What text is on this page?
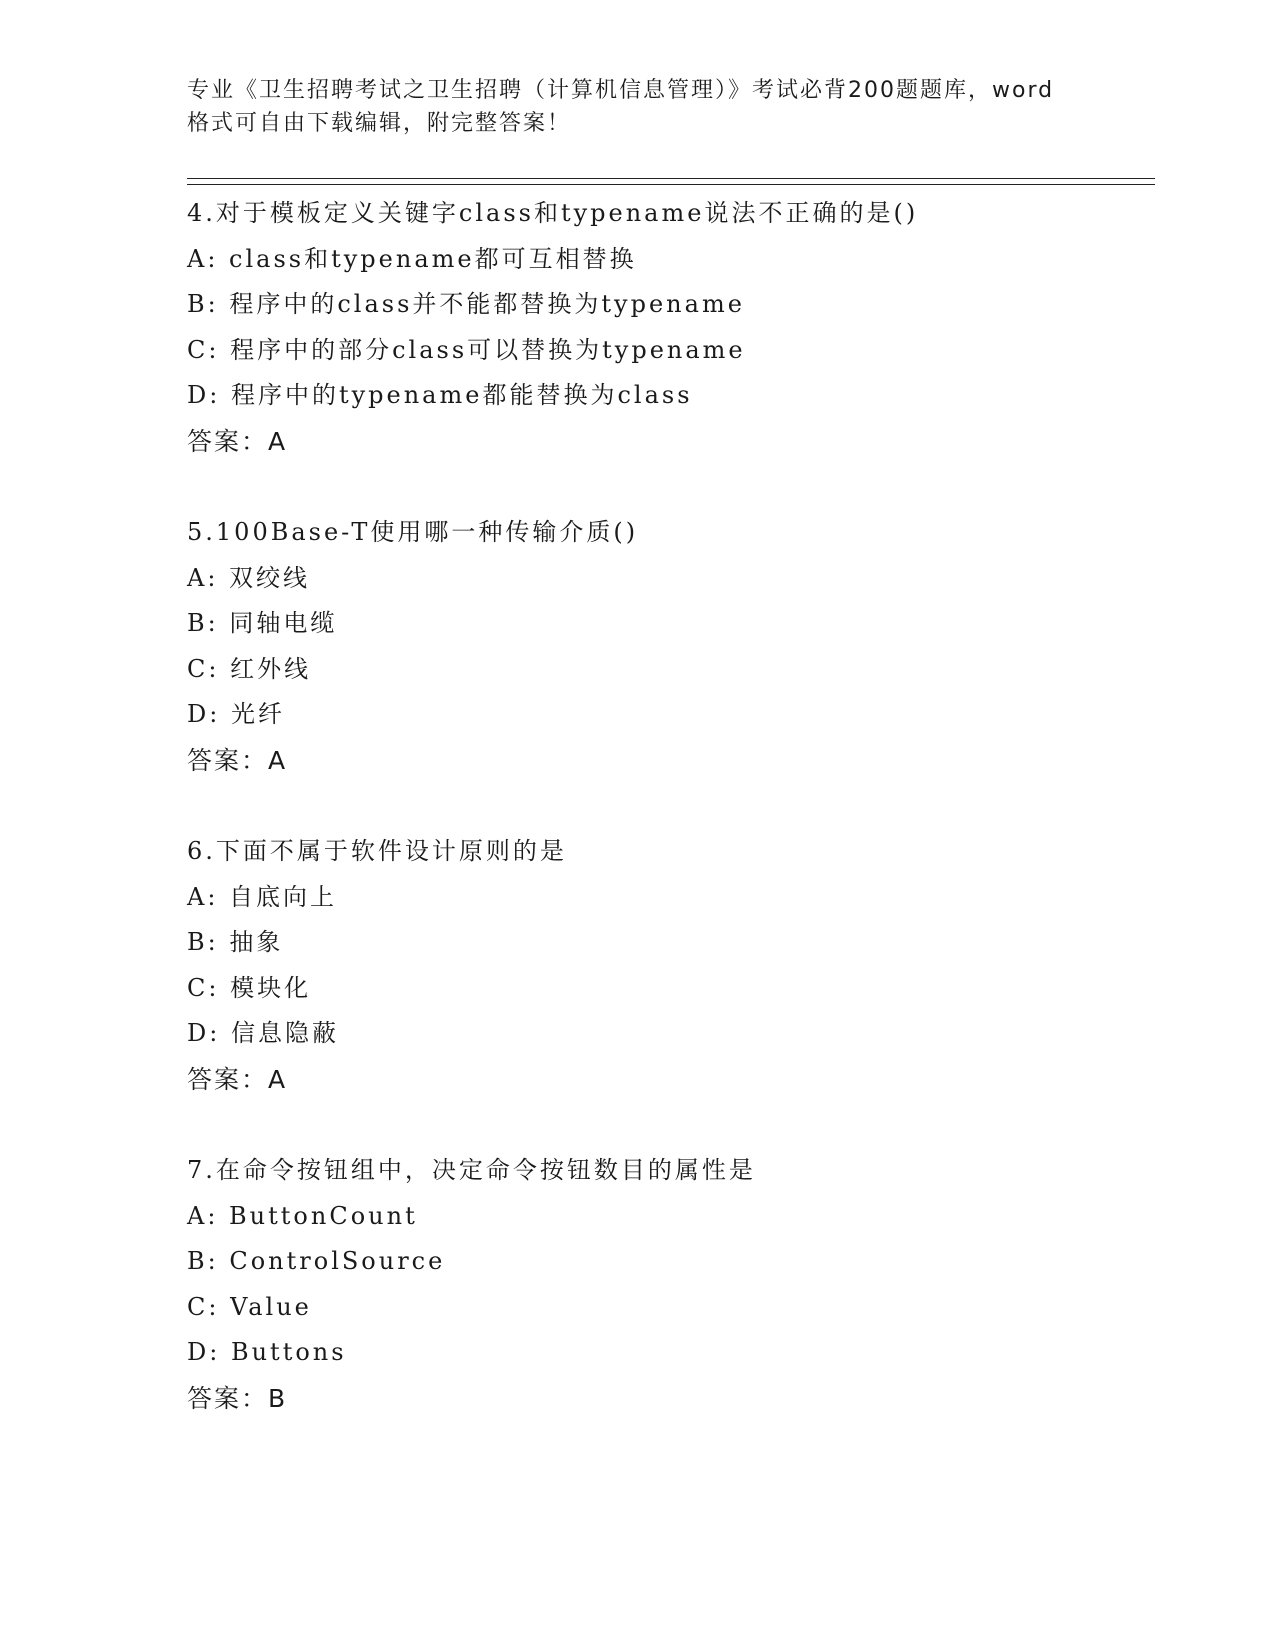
专业《卫生招聘考试之卫生招聘（计算机信息管理）》考试必背200题题库，word
格式可自由下载编辑，附完整答案！
4.对于模板定义关键字class和typename说法不正确的是()
A: class和typename都可互相替换
B: 程序中的class并不能都替换为typename
C: 程序中的部分class可以替换为typename
D: 程序中的typename都能替换为class
答案：A
5.100Base-T使用哪一种传输介质()
A: 双绞线
B: 同轴电缆
C: 红外线
D: 光纤
答案：A
6.下面不属于软件设计原则的是
A: 自底向上
B: 抽象
C: 模块化
D: 信息隐蔽
答案：A
7.在命令按钮组中，决定命令按钮数目的属性是
A: ButtonCount
B: ControlSource
C: Value
D: Buttons
答案：B
